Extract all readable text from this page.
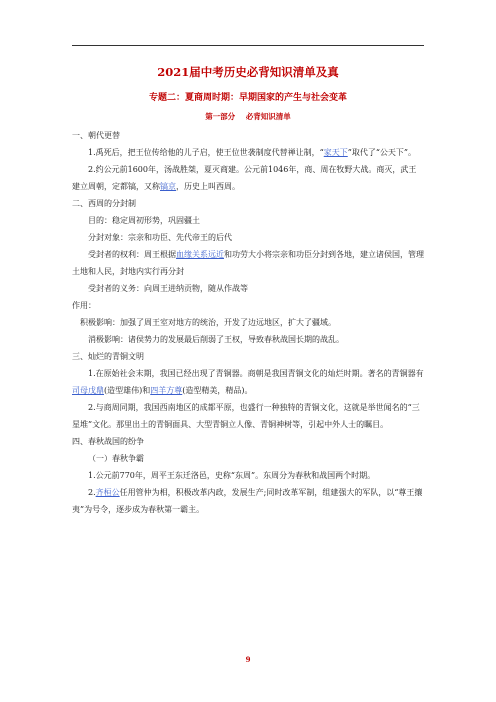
2021届中考历史必背知识清单及真
专题二：夏商周时期：早期国家的产生与社会变革
第一部分 必背知识清单

一、朝代更替

1.禹死后，把王位传给他的儿子启，使王位世袭制度代替禅让制，“家天下”取代了“公天下”。

2.约公元前1600年，汤战胜桀，夏灭商建。公元前1046年，商、周在牧野大战。商灭，武王建立周朝，定都镐，又称镐京，历史上叫西周。

二、西周的分封制

目的：稳定周初形势，巩固疆土

分封对象：宗亲和功臣、先代帝王的后代

受封者的权利：周王根据血缘关系远近和功劳大小将宗亲和功臣分封到各地，建立诸侯国，管理土地和人民，封地内实行再分封

受封者的义务：向周王进纳贡物，随从作战等

作用：

积极影响：加强了周王室对地方的统治，开发了边远地区，扩大了疆域。

消极影响：诸侯势力的发展最后削弱了王权，导致春秋战国长期的战乱。

三、灿烂的青铜文明

1.在原始社会末期，我国已经出现了青铜器。商朝是我国青铜文化的灿烂时期。著名的青铜器有司母戊鼎(造型雄伟)和四羊方尊(造型精美，精品)。

2.与商周同期，我国西南地区的成都平原，也盛行一种独特的青铜文化，这就是举世闻名的“三星堆”文化。那里出土的青铜面具、大型青铜立人像、青铜神树等，引起中外人士的瞩目。

四、春秋战国的纷争

（一）春秋争霸

1.公元前770年，周平王东迁洛邑，史称“东周”。东周分为春秋和战国两个时期。

2.齐桓公任用管仲为相，积极改革内政，发展生产;同时改革军制，组建强大的军队，以“尊王攘夷”为号令，逐步成为春秋第一霸主。

9
